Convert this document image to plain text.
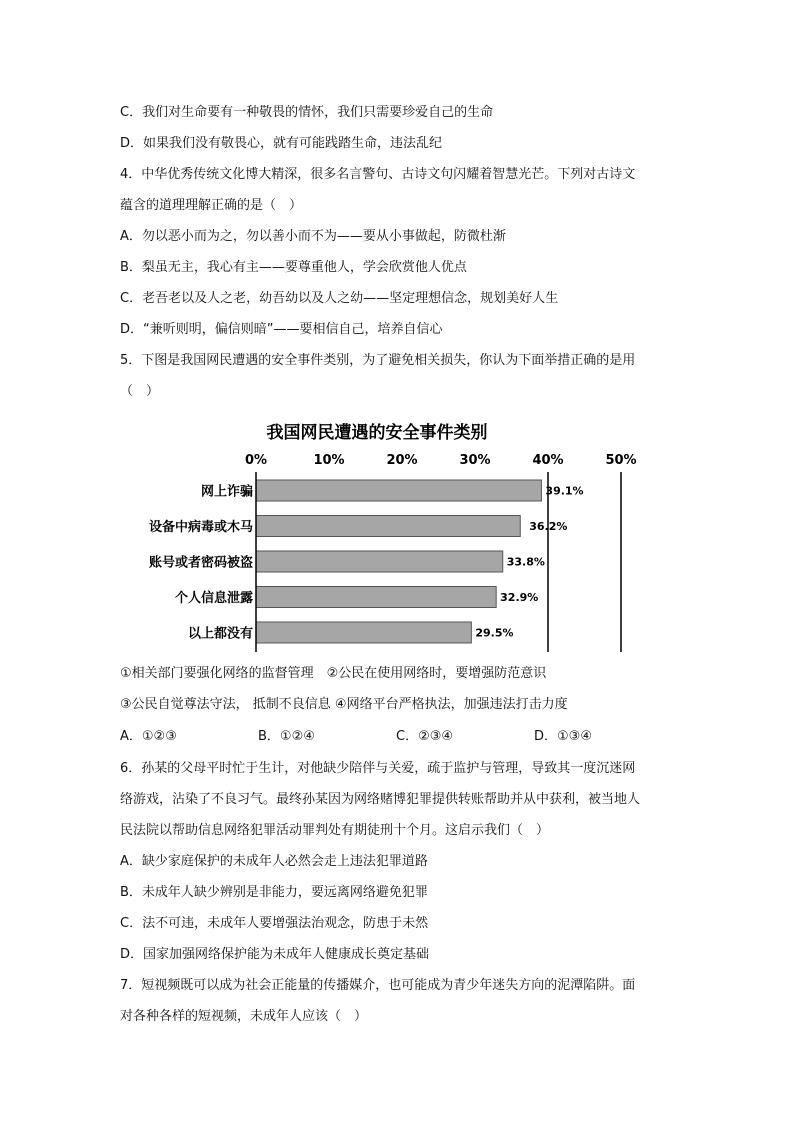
C．我们对生命要有一种敬畏的情怀，我们只需要珍爱自己的生命
D．如果我们没有敬畏心，就有可能践踏生命，违法乱纪
4．中华优秀传统文化博大精深，很多名言警句、古诗文句闪耀着智慧光芒。下列对古诗文
蕴含的道理理解正确的是（　）
A．勿以恶小而为之，勿以善小而不为——要从小事做起，防微杜渐
B．梨虽无主，我心有主——要尊重他人，学会欣赏他人优点
C．老吾老以及人之老，幼吾幼以及人之幼——坚定理想信念，规划美好人生
D．“兼听则明，偏信则暗”——要相信自己，培养自信心
5．下图是我国网民遭遇的安全事件类别，为了避免相关损失，你认为下面举措正确的是用
（　）
我国网民遭遇的安全事件类别
0%	10%	20%	30%	40%	50%
网上诈骗
设备中病毒或木马
账号或者密码被盗
个人信息泄露
以上都没有
39.1%
36.2%
33.8%
32.9%
29.5%
①相关部门要强化网络的监督管理　②公民在使用网络时，要增强防范意识
③公民自觉尊法守法， 抵制不良信息 ④网络平台严格执法，加强违法打击力度
A．①②③	B．①②④	C．②③④	D．①③④
6．孙某的父母平时忙于生计，对他缺少陪伴与关爱，疏于监护与管理，导致其一度沉迷网
络游戏，沾染了不良习气。最终孙某因为网络赌博犯罪提供转账帮助并从中获利，被当地人
民法院以帮助信息网络犯罪活动罪判处有期徒刑十个月。这启示我们（　）
A．缺少家庭保护的未成年人必然会走上违法犯罪道路
B．未成年人缺少辨别是非能力，要远离网络避免犯罪
C．法不可违，未成年人要增强法治观念，防患于未然
D．国家加强网络保护能为未成年人健康成长奠定基础
7．短视频既可以成为社会正能量的传播媒介，也可能成为青少年迷失方向的泥潭陷阱。面
对各种各样的短视频，未成年人应该（　）
